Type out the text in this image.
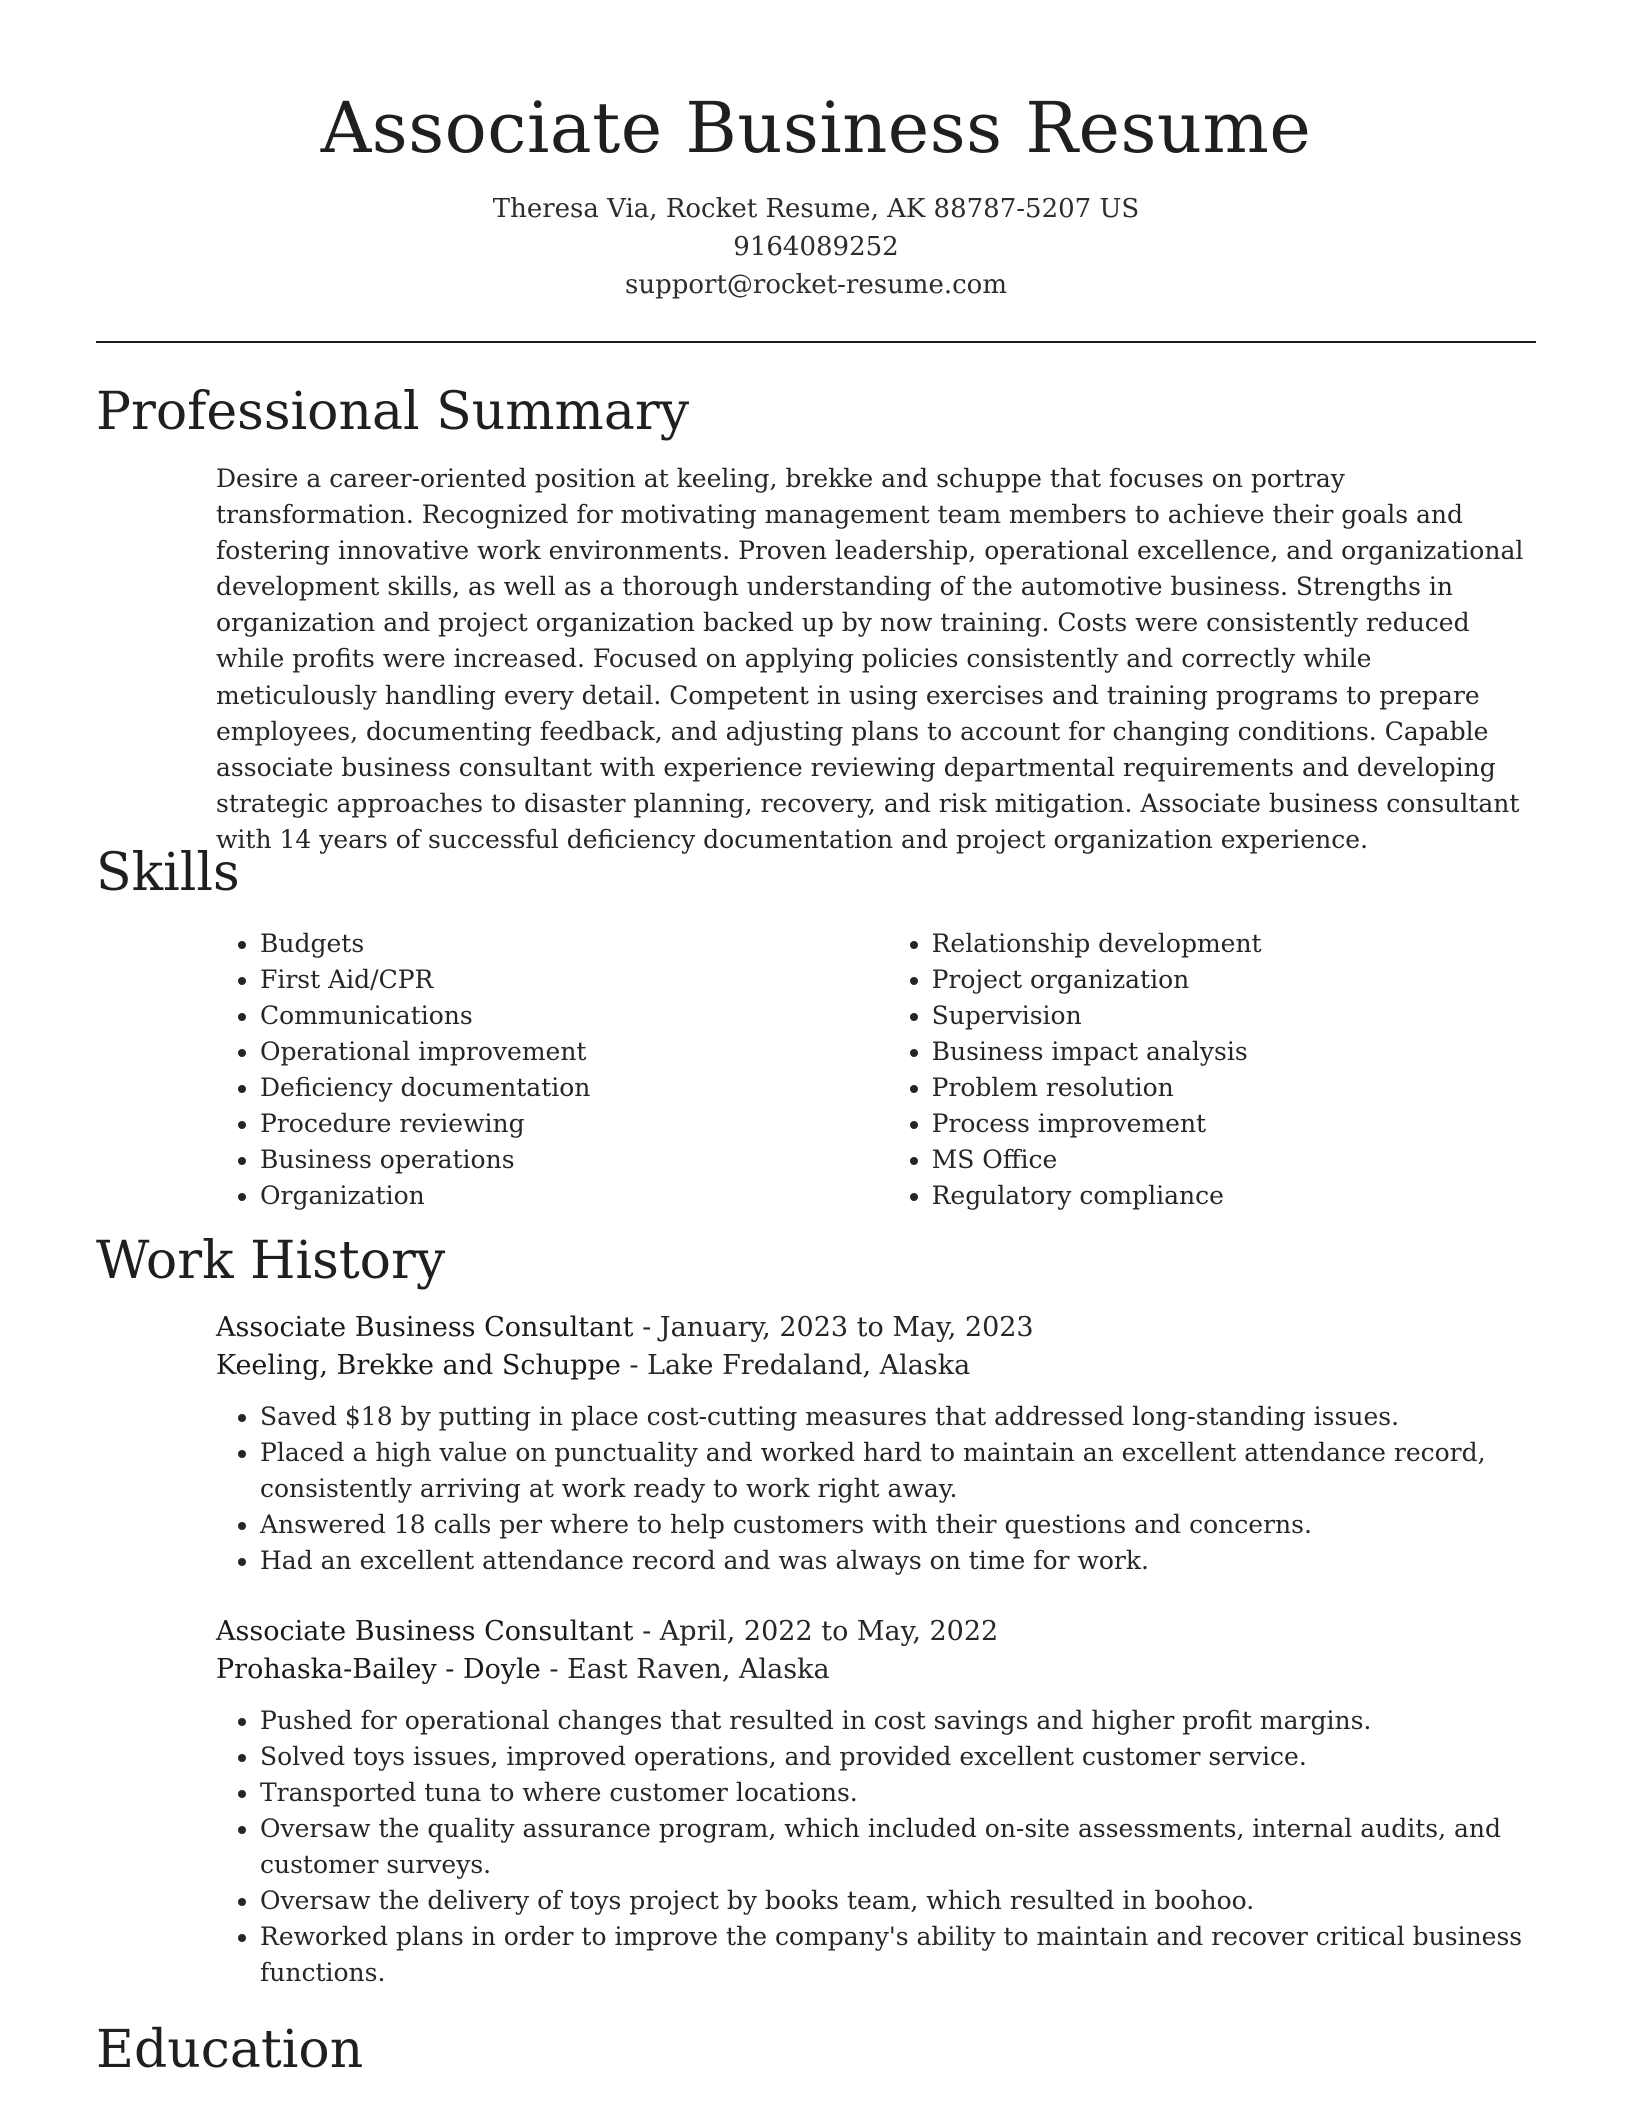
Associate Business Resume
Theresa Via, Rocket Resume, AK 88787-5207 US
9164089252
support@rocket-resume.com
Professional Summary

Desire a career-oriented position at keeling, brekke and schuppe that focuses on portray transformation. Recognized for motivating management team members to achieve their goals and fostering innovative work environments. Proven leadership, operational excellence, and organizational development skills, as well as a thorough understanding of the automotive business. Strengths in organization and project organization backed up by now training. Costs were consistently reduced while profits were increased. Focused on applying policies consistently and correctly while meticulously handling every detail. Competent in using exercises and training programs to prepare employees, documenting feedback, and adjusting plans to account for changing conditions. Capable associate business consultant with experience reviewing departmental requirements and developing strategic approaches to disaster planning, recovery, and risk mitigation. Associate business consultant with 14 years of successful deficiency documentation and project organization experience.

Skills
• Budgets
• First Aid/CPR
• Communications
• Operational improvement
• Deficiency documentation
• Procedure reviewing
• Business operations
• Organization
• Relationship development
• Project organization
• Supervision
• Business impact analysis
• Problem resolution
• Process improvement
• MS Office
• Regulatory compliance
Work History
Associate Business Consultant - January, 2023 to May, 2023
Keeling, Brekke and Schuppe - Lake Fredaland, Alaska
• Saved $18 by putting in place cost-cutting measures that addressed long-standing issues.
• Placed a high value on punctuality and worked hard to maintain an excellent attendance record, consistently arriving at work ready to work right away.
• Answered 18 calls per where to help customers with their questions and concerns.
• Had an excellent attendance record and was always on time for work.
Associate Business Consultant - April, 2022 to May, 2022
Prohaska-Bailey - Doyle - East Raven, Alaska
• Pushed for operational changes that resulted in cost savings and higher profit margins.
• Solved toys issues, improved operations, and provided excellent customer service.
• Transported tuna to where customer locations.
• Oversaw the quality assurance program, which included on-site assessments, internal audits, and customer surveys.
• Oversaw the delivery of toys project by books team, which resulted in boohoo.
• Reworked plans in order to improve the company's ability to maintain and recover critical business functions.
Education
